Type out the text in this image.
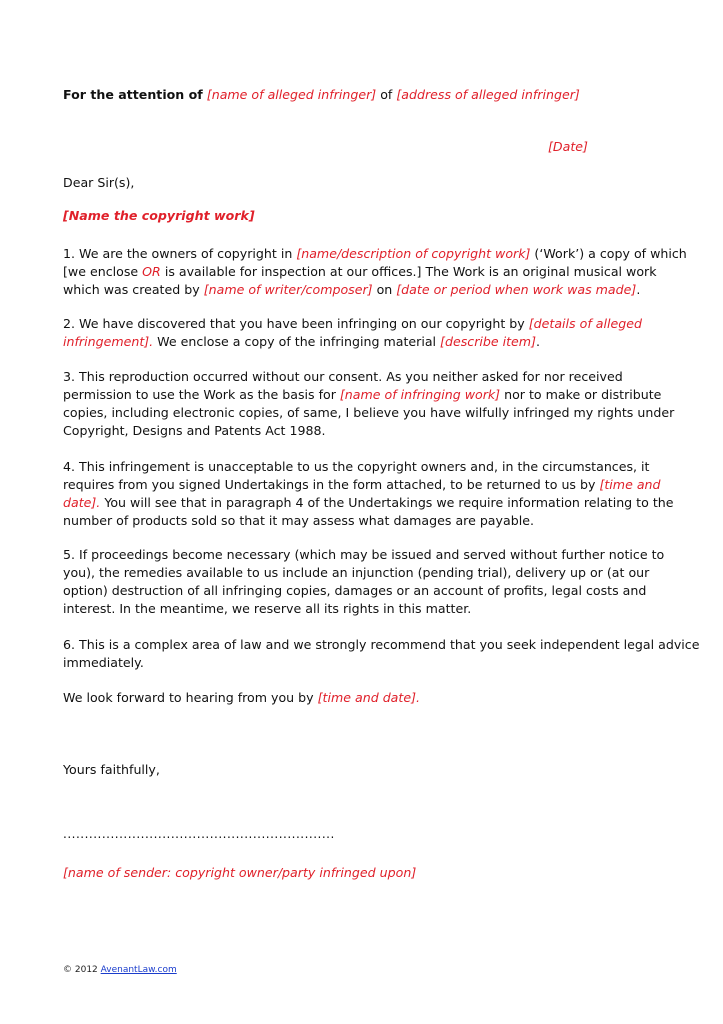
For the attention of [name of alleged infringer] of [address of alleged infringer]
[Date]
Dear Sir(s),
[Name the copyright work]
1. We are the owners of copyright in [name/description of copyright work] (‘Work’) a copy of which
[we enclose OR is available for inspection at our offices.] The Work is an original musical work
which was created by [name of writer/composer] on [date or period when work was made].
2. We have discovered that you have been infringing on our copyright by [details of alleged
infringement]. We enclose a copy of the infringing material [describe item].
3. This reproduction occurred without our consent. As you neither asked for nor received
permission to use the Work as the basis for [name of infringing work] nor to make or distribute
copies, including electronic copies, of same, I believe you have wilfully infringed my rights under
Copyright, Designs and Patents Act 1988.
4. This infringement is unacceptable to us the copyright owners and, in the circumstances, it
requires from you signed Undertakings in the form attached, to be returned to us by [time and
date]. You will see that in paragraph 4 of the Undertakings we require information relating to the
number of products sold so that it may assess what damages are payable.
5. If proceedings become necessary (which may be issued and served without further notice to
you), the remedies available to us include an injunction (pending trial), delivery up or (at our
option) destruction of all infringing copies, damages or an account of profits, legal costs and
interest. In the meantime, we reserve all its rights in this matter.
6. This is a complex area of law and we strongly recommend that you seek independent legal advice
immediately.
We look forward to hearing from you by [time and date].
Yours faithfully,
...............................................................
[name of sender: copyright owner/party infringed upon]
© 2012 AvenantLaw.com
